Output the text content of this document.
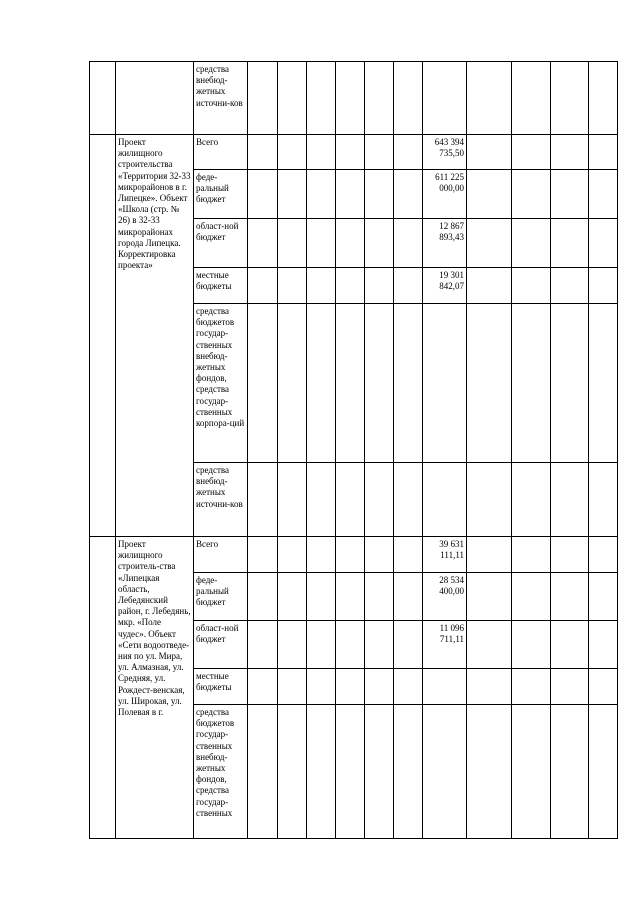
		средства внебюд-жетных источни-ков											
	Проект жилищного строительства «Территория 32-33 микрорайонов в г. Липецке». Объект «Школа (стр. № 26) в 32-33 микрорайонах города Липецка. Корректировка проекта»	Всего							643 394 735,50				
		феде-ральный бюджет							611 225 000,00				
		област-ной бюджет							12 867 893,43				
		местные бюджеты							19 301 842,07				
		средства бюджетов государ-ственных внебюд-жетных фондов, средства государ-ственных корпора-ций											
		средства внебюд-жетных источни-ков											
	Проект жилищного строитель-ства «Липецкая область, Лебедянский район, г. Лебедянь, мкр. «Поле чудес». Объект «Сети водоотведе-ния по ул. Мира, ул. Алмазная, ул. Средняя, ул. Рождест-венская, ул. Широкая, ул. Полевая в г.	Всего							39 631 111,11				
		феде-ральный бюджет							28 534 400,00				
		област-ной бюджет							11 096 711,11				
		местные бюджеты											
		средства бюджетов государ-ственных внебюд-жетных фондов, средства государ-ственных											
